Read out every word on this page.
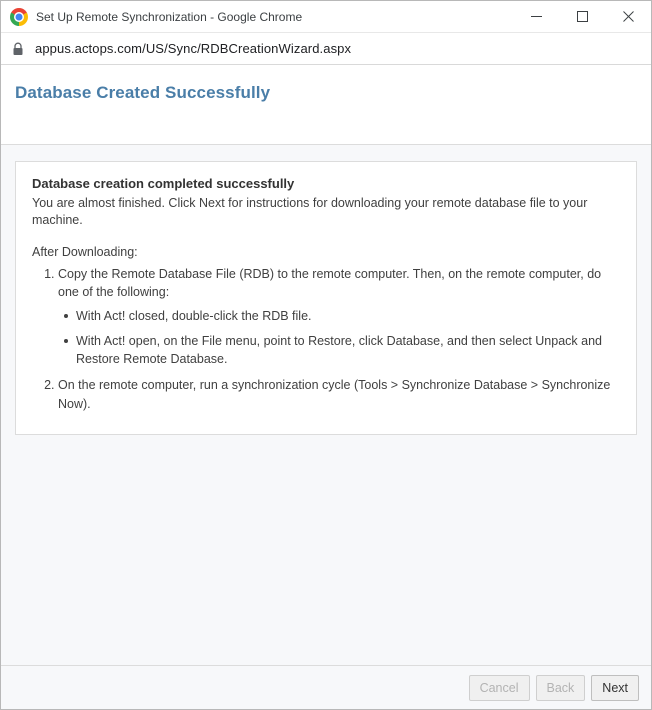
Set Up Remote Synchronization - Google Chrome
appus.actops.com/US/Sync/RDBCreationWizard.aspx
Database Created Successfully

Database creation completed successfully

You are almost finished. Click Next for instructions for downloading your remote database file to your machine.

After Downloading:

1. Copy the Remote Database File (RDB) to the remote computer. Then, on the remote computer, do one of the following:
With Act! closed, double-click the RDB file.
With Act! open, on the File menu, point to Restore, click Database, and then select Unpack and Restore Remote Database.
2. On the remote computer, run a synchronization cycle (Tools > Synchronize Database > Synchronize Now).
Cancel	Back	Next
